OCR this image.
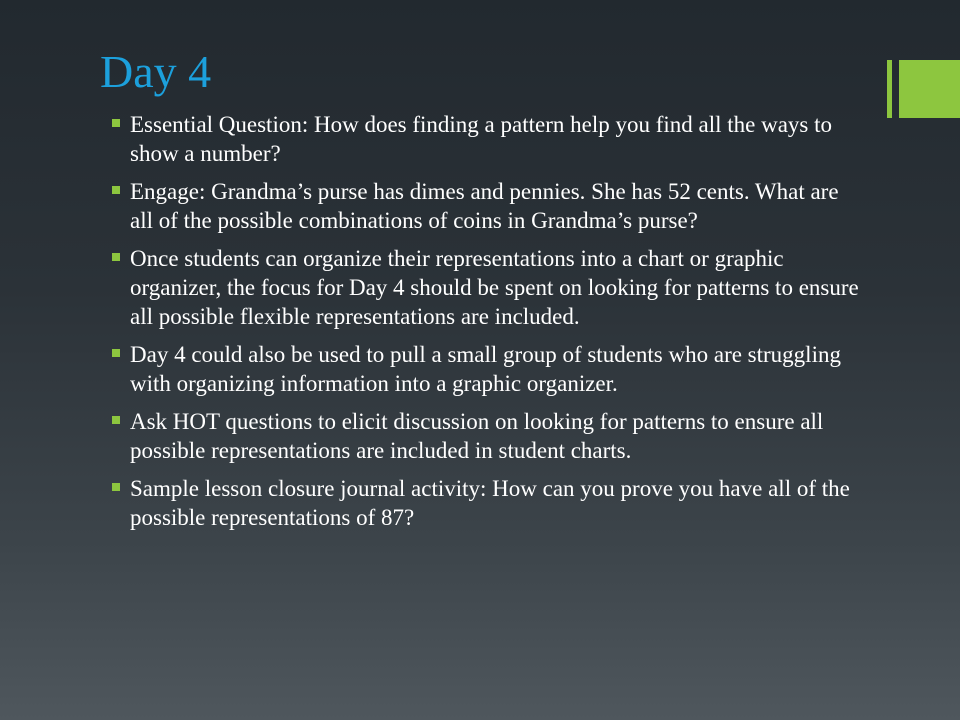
Day 4
Essential Question: How does finding a pattern help you find all the ways to show a number?
Engage: Grandma’s purse has dimes and pennies. She has 52 cents. What are all of the possible combinations of coins in Grandma’s purse?
Once students can organize their representations into a chart or graphic organizer, the focus for Day 4 should be spent on looking for patterns to ensure all possible flexible representations are included.
Day 4 could also be used to pull a small group of students who are struggling with organizing information into a graphic organizer.
Ask HOT questions to elicit discussion on looking for patterns to ensure all possible representations are included in student charts.
Sample lesson closure journal activity: How can you prove you have all of the possible representations of 87?
